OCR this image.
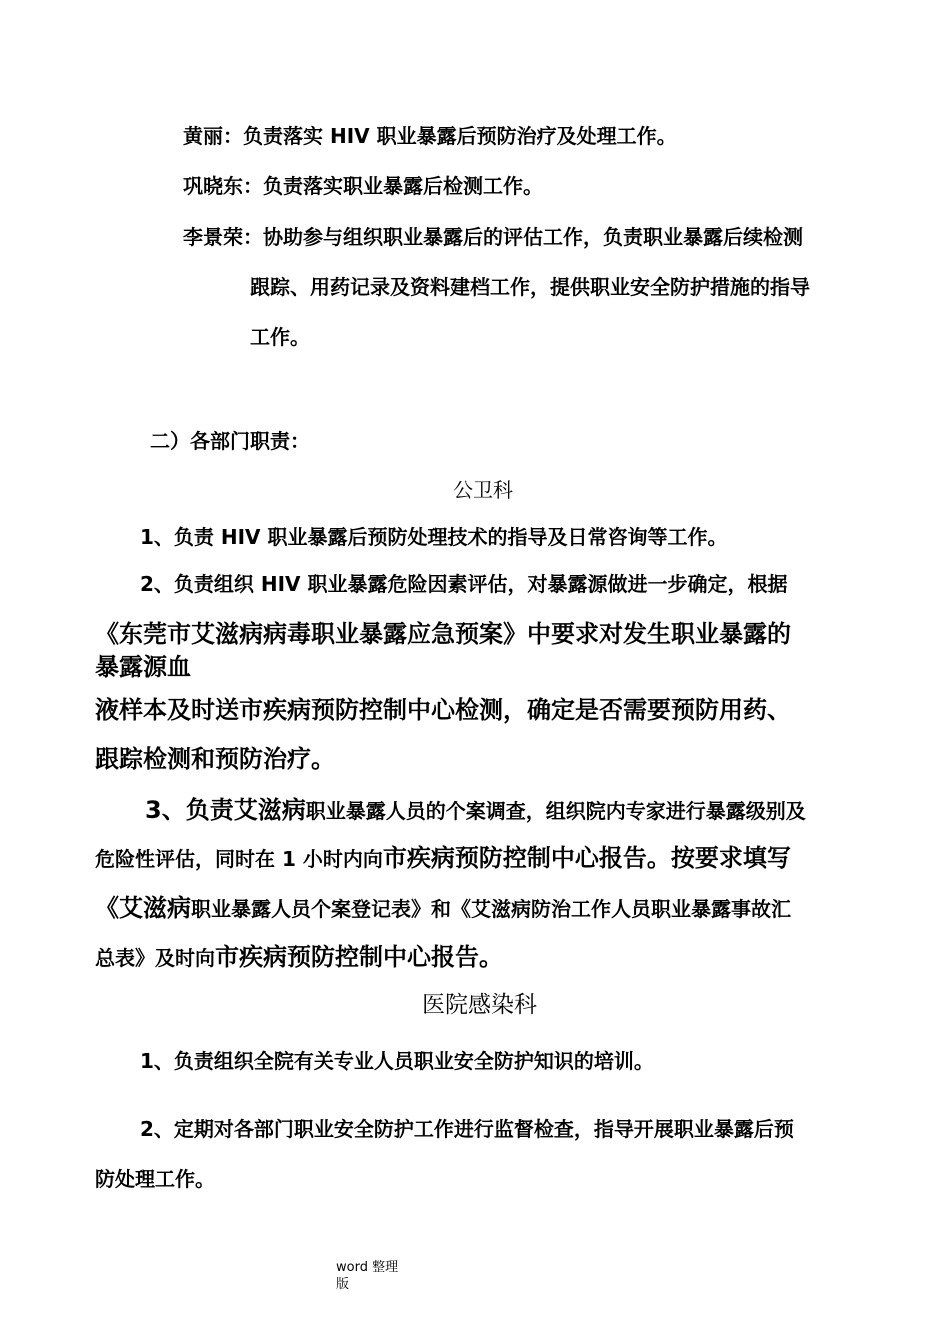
黄丽：负责落实 HIV 职业暴露后预防治疗及处理工作。
巩晓东：负责落实职业暴露后检测工作。
李景荣：协助参与组织职业暴露后的评估工作，负责职业暴露后续检测
跟踪、用药记录及资料建档工作，提供职业安全防护措施的指导
工作。
二）各部门职责：
公卫科
1、负责 HIV 职业暴露后预防处理技术的指导及日常咨询等工作。
2、负责组织 HIV 职业暴露危险因素评估，对暴露源做进一步确定，根据
《东莞市艾滋病病毒职业暴露应急预案》中要求对发生职业暴露的
暴露源血
液样本及时送市疾病预防控制中心检测，确定是否需要预防用药、
跟踪检测和预防治疗。
3、负责艾滋病职业暴露人员的个案调查，组织院内专家进行暴露级别及
危险性评估，同时在 1 小时内向市疾病预防控制中心报告。按要求填写
《艾滋病职业暴露人员个案登记表》和《艾滋病防治工作人员职业暴露事故汇
总表》及时向市疾病预防控制中心报告。
医院感染科
1、负责组织全院有关专业人员职业安全防护知识的培训。
2、定期对各部门职业安全防护工作进行监督检查，指导开展职业暴露后预
防处理工作。
word 整理
版
